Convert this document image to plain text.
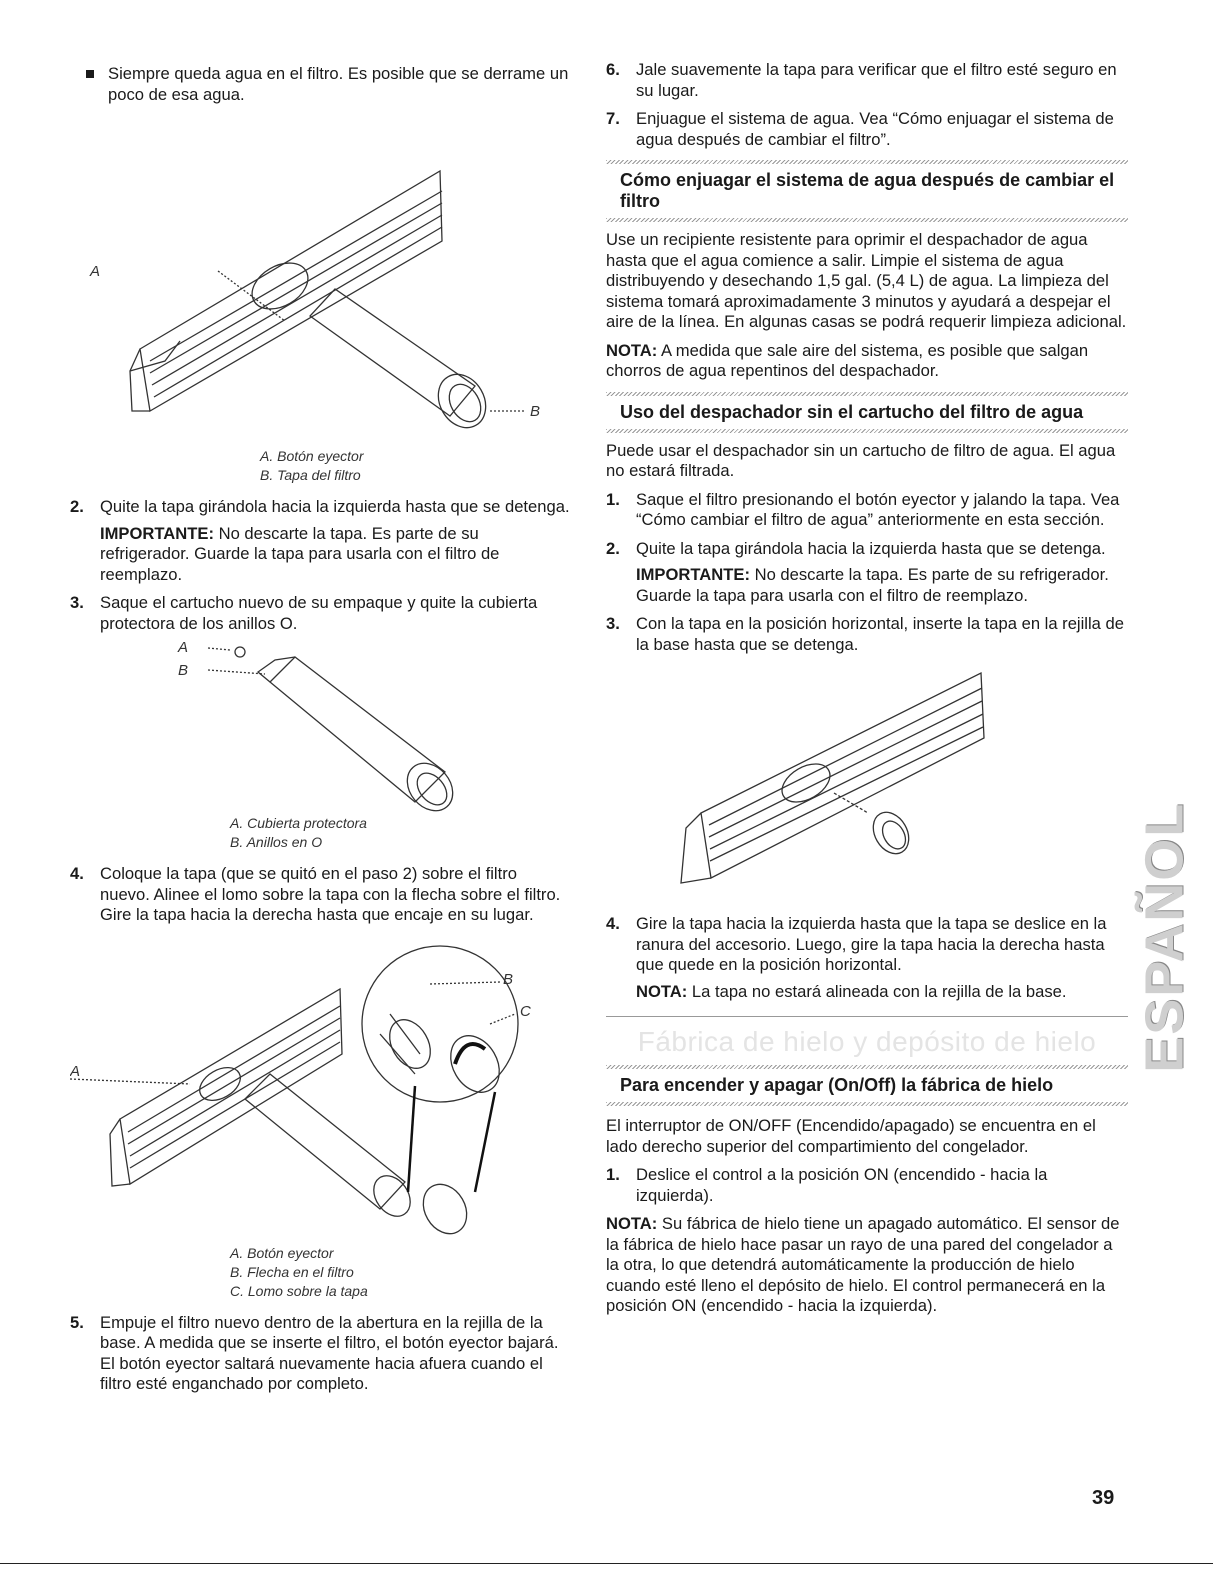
Siempre queda agua en el filtro. Es posible que se derrame un poco de esa agua.
A
B
A. Botón eyector
B. Tapa del filtro
2. Quite la tapa girándola hacia la izquierda hasta que se detenga.

IMPORTANTE: No descarte la tapa. Es parte de su refrigerador. Guarde la tapa para usarla con el filtro de reemplazo.

3. Saque el cartucho nuevo de su empaque y quite la cubierta protectora de los anillos O.

A
B
A. Cubierta protectora
B. Anillos en O
4. Coloque la tapa (que se quitó en el paso 2) sobre el filtro nuevo. Alinee el lomo sobre la tapa con la flecha sobre el filtro. Gire la tapa hacia la derecha hasta que encaje en su lugar.

A
B
C
A. Botón eyector
B. Flecha en el filtro
C. Lomo sobre la tapa
5. Empuje el filtro nuevo dentro de la abertura en la rejilla de la base. A medida que se inserte el filtro, el botón eyector bajará. El botón eyector saltará nuevamente hacia afuera cuando el filtro esté enganchado por completo.

6. Jale suavemente la tapa para verificar que el filtro esté seguro en su lugar.

7. Enjuague el sistema de agua. Vea “Cómo enjuagar el sistema de agua después de cambiar el filtro”.

Cómo enjuagar el sistema de agua después de cambiar el filtro

Use un recipiente resistente para oprimir el despachador de agua hasta que el agua comience a salir. Limpie el sistema de agua distribuyendo y desechando 1,5 gal. (5,4 L) de agua. La limpieza del sistema tomará aproximadamente 3 minutos y ayudará a despejar el aire de la línea. En algunas casas se podrá requerir limpieza adicional.

NOTA: A medida que sale aire del sistema, es posible que salgan chorros de agua repentinos del despachador.

Uso del despachador sin el cartucho del filtro de agua

Puede usar el despachador sin un cartucho de filtro de agua. El agua no estará filtrada.

1. Saque el filtro presionando el botón eyector y jalando la tapa. Vea “Cómo cambiar el filtro de agua” anteriormente en esta sección.

2. Quite la tapa girándola hacia la izquierda hasta que se detenga.

IMPORTANTE: No descarte la tapa. Es parte de su refrigerador. Guarde la tapa para usarla con el filtro de reemplazo.

3. Con la tapa en la posición horizontal, inserte la tapa en la rejilla de la base hasta que se detenga.

4. Gire la tapa hacia la izquierda hasta que la tapa se deslice en la ranura del accesorio. Luego, gire la tapa hacia la derecha hasta que quede en la posición horizontal.

NOTA: La tapa no estará alineada con la rejilla de la base.

Fábrica de hielo y depósito de hielo
Para encender y apagar (On/Off) la fábrica de hielo

El interruptor de ON/OFF (Encendido/apagado) se encuentra en el lado derecho superior del compartimiento del congelador.

1. Deslice el control a la posición ON (encendido - hacia la izquierda).

NOTA: Su fábrica de hielo tiene un apagado automático. El sensor de la fábrica de hielo hace pasar un rayo de una pared del congelador a la otra, lo que detendrá automáticamente la producción de hielo cuando esté lleno el depósito de hielo. El control permanecerá en la posición ON (encendido - hacia la izquierda).

ESPAÑOL
39
